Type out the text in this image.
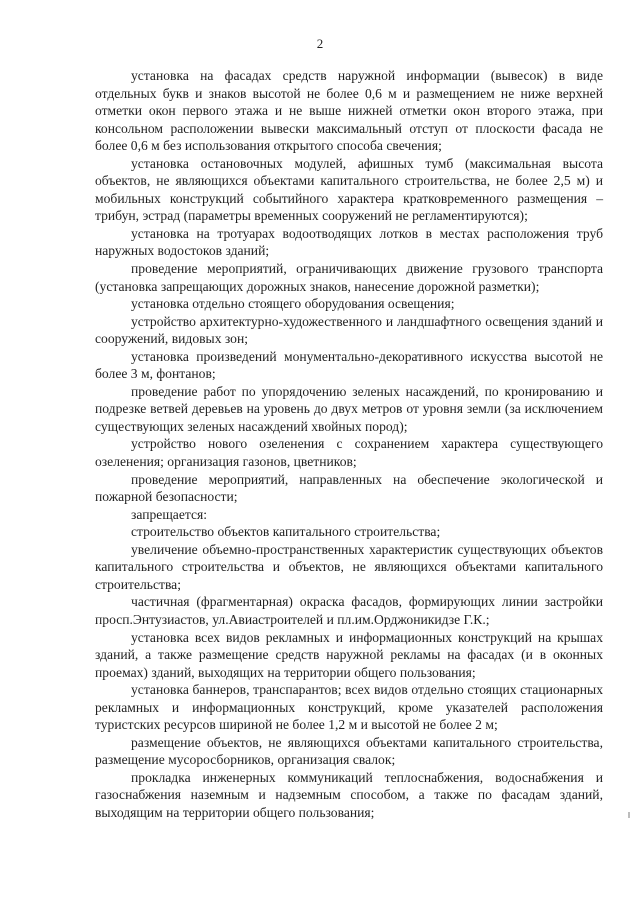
2

установка на фасадах средств наружной информации (вывесок) в виде отдельных букв и знаков высотой не более 0,6 м и размещением не ниже верхней отметки окон первого этажа и не выше нижней отметки окон второго этажа, при консольном расположении вывески максимальный отступ от плоскости фасада не более 0,6 м без использования открытого способа свечения;

установка остановочных модулей, афишных тумб (максимальная высота объектов, не являющихся объектами капитального строительства, не более 2,5 м) и мобильных конструкций событийного характера кратковременного размещения – трибун, эстрад (параметры временных сооружений не регламентируются);

установка на тротуарах водоотводящих лотков в местах расположения труб наружных водостоков зданий;

проведение мероприятий, ограничивающих движение грузового транспорта (установка запрещающих дорожных знаков, нанесение дорожной разметки);

установка отдельно стоящего оборудования освещения;

устройство архитектурно-художественного и ландшафтного освещения зданий и сооружений, видовых зон;

установка произведений монументально-декоративного искусства высотой не более 3 м, фонтанов;

проведение работ по упорядочению зеленых насаждений, по кронированию и подрезке ветвей деревьев на уровень до двух метров от уровня земли (за исключением существующих зеленых насаждений хвойных пород);

устройство нового озеленения с сохранением характера существующего озеленения; организация газонов, цветников;

проведение мероприятий, направленных на обеспечение экологической и пожарной безопасности;

запрещается:

строительство объектов капитального строительства;

увеличение объемно-пространственных характеристик существующих объектов капитального строительства и объектов, не являющихся объектами капитального строительства;

частичная (фрагментарная) окраска фасадов, формирующих линии застройки просп.Энтузиастов, ул.Авиастроителей и пл.им.Орджоникидзе Г.К.;

установка всех видов рекламных и информационных конструкций на крышах зданий, а также размещение средств наружной рекламы на фасадах (и в оконных проемах) зданий, выходящих на территории общего пользования;

установка баннеров, транспарантов; всех видов отдельно стоящих стационарных рекламных и информационных конструкций, кроме указателей расположения туристских ресурсов шириной не более 1,2 м и высотой не более 2 м;

размещение объектов, не являющихся объектами капитального строительства, размещение мусоросборников, организация свалок;

прокладка инженерных коммуникаций теплоснабжения, водоснабжения и газоснабжения наземным и надземным способом, а также по фасадам зданий, выходящим на территории общего пользования;
